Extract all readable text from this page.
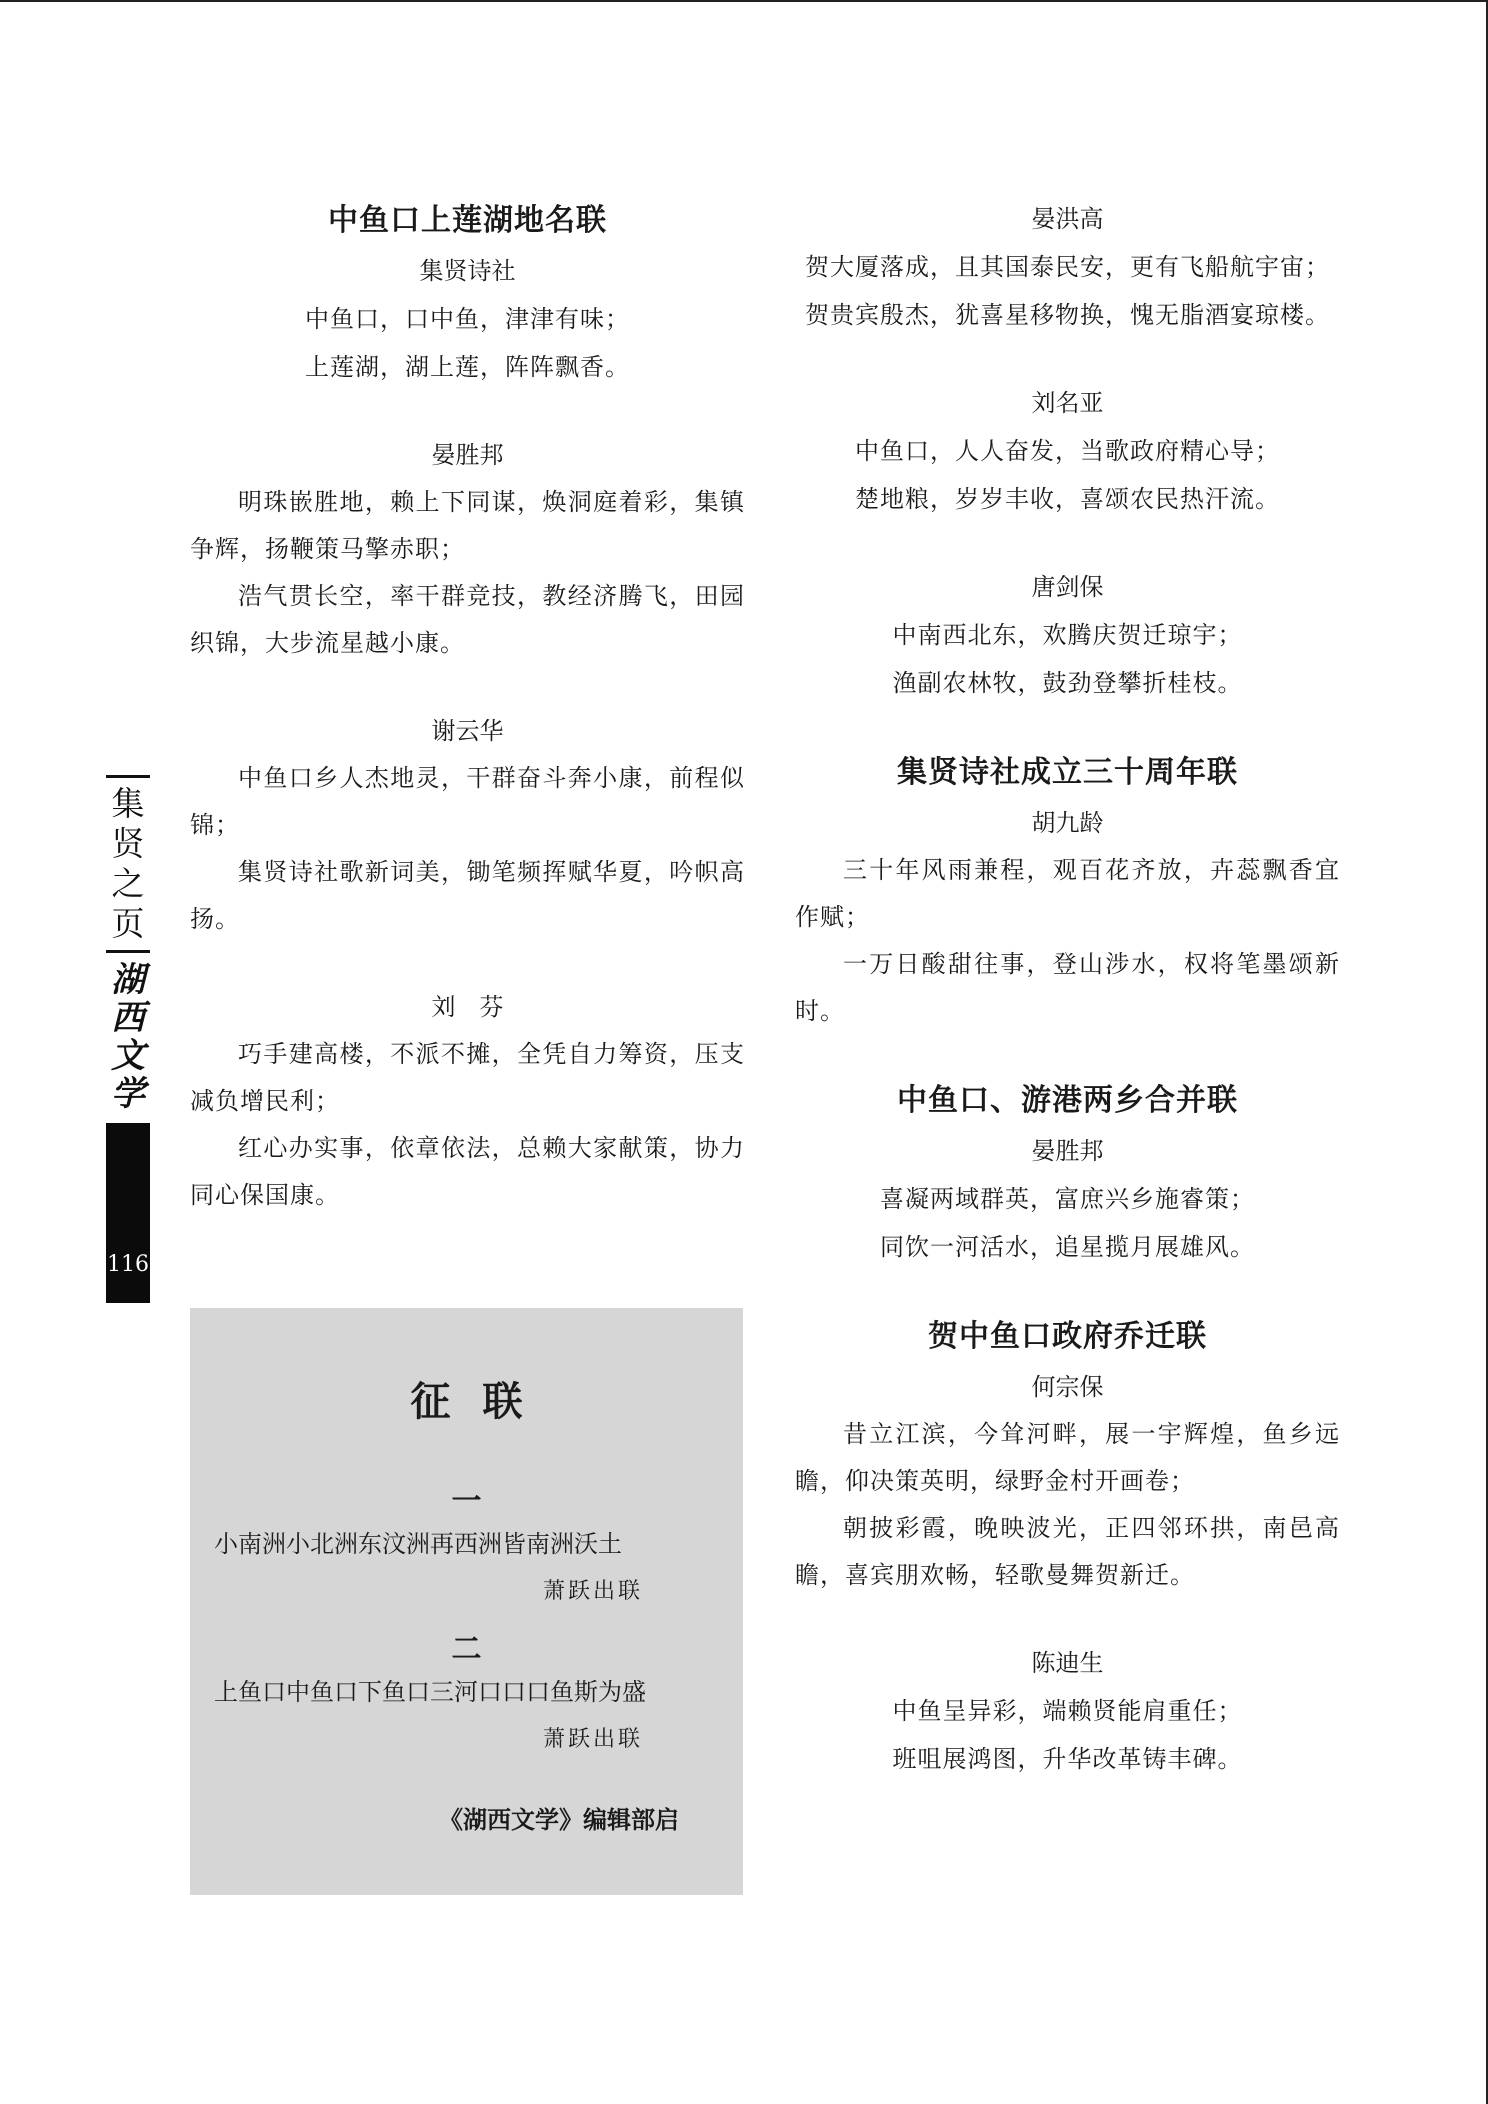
中鱼口上莲湖地名联
集贤诗社
中鱼口，口中鱼，津津有味；
上莲湖，湖上莲，阵阵飘香。
晏胜邦

明珠嵌胜地，赖上下同谋，焕洞庭着彩，集镇争辉，扬鞭策马擎赤职；

浩气贯长空，率干群竞技，教经济腾飞，田园织锦，大步流星越小康。

谢云华

中鱼口乡人杰地灵，干群奋斗奔小康，前程似锦；

集贤诗社歌新词美，锄笔频挥赋华夏，吟帜高扬。

刘芬

巧手建高楼，不派不摊，全凭自力筹资，压支减负增民利；

红心办实事，依章依法，总赖大家献策，协力同心保国康。

征联
一
小南洲小北洲东汶洲再西洲皆南洲沃土
萧跃出联
二
上鱼口中鱼口下鱼口三河口口口鱼斯为盛
萧跃出联
《湖西文学》编辑部启
晏洪高
贺大厦落成，且其国泰民安，更有飞船航宇宙；
贺贵宾殷杰，犹喜星移物换，愧无脂酒宴琼楼。
刘名亚
中鱼口，人人奋发，当歌政府精心导；
楚地粮，岁岁丰收，喜颂农民热汗流。
唐剑保
中南西北东，欢腾庆贺迁琼宇；
渔副农林牧，鼓劲登攀折桂枝。
集贤诗社成立三十周年联
胡九龄

三十年风雨兼程，观百花齐放，卉蕊飘香宜作赋；

一万日酸甜往事，登山涉水，权将笔墨颂新时。

中鱼口、游港两乡合并联
晏胜邦
喜凝两域群英，富庶兴乡施睿策；
同饮一河活水，追星揽月展雄风。
贺中鱼口政府乔迁联
何宗保

昔立江滨，今耸河畔，展一宇辉煌，鱼乡远瞻，仰决策英明，绿野金村开画卷；

朝披彩霞，晚映波光，正四邻环拱，南邑高瞻，喜宾朋欢畅，轻歌曼舞贺新迁。

陈迪生
中鱼呈异彩，端赖贤能肩重任；
班咀展鸿图，升华改革铸丰碑。
集
贤
之
页
湖
西
文
学
116
